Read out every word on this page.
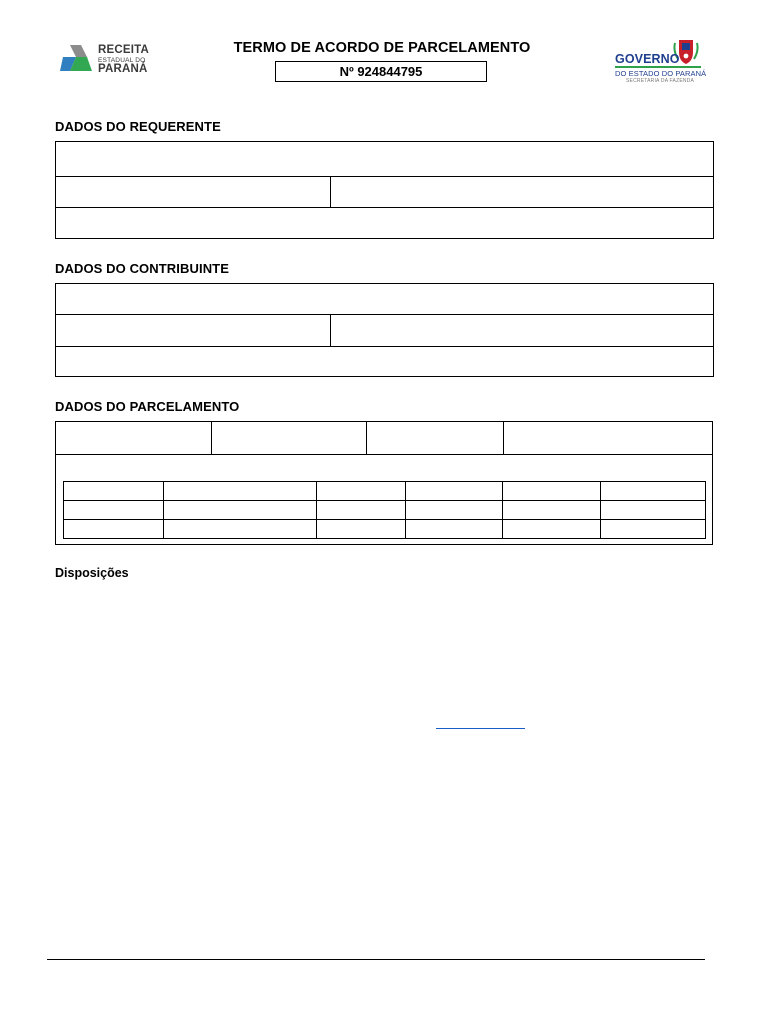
RECEITA
ESTADUAL DO
PARANÁ
TERMO DE ACORDO DE PARCELAMENTO
Nº 924844795
GOVERNO
DO ESTADO DO PARANÁ
SECRETARIA DA FAZENDA
DADOS DO REQUERENTE
DADOS DO CONTRIBUINTE
DADOS DO PARCELAMENTO

Disposições
